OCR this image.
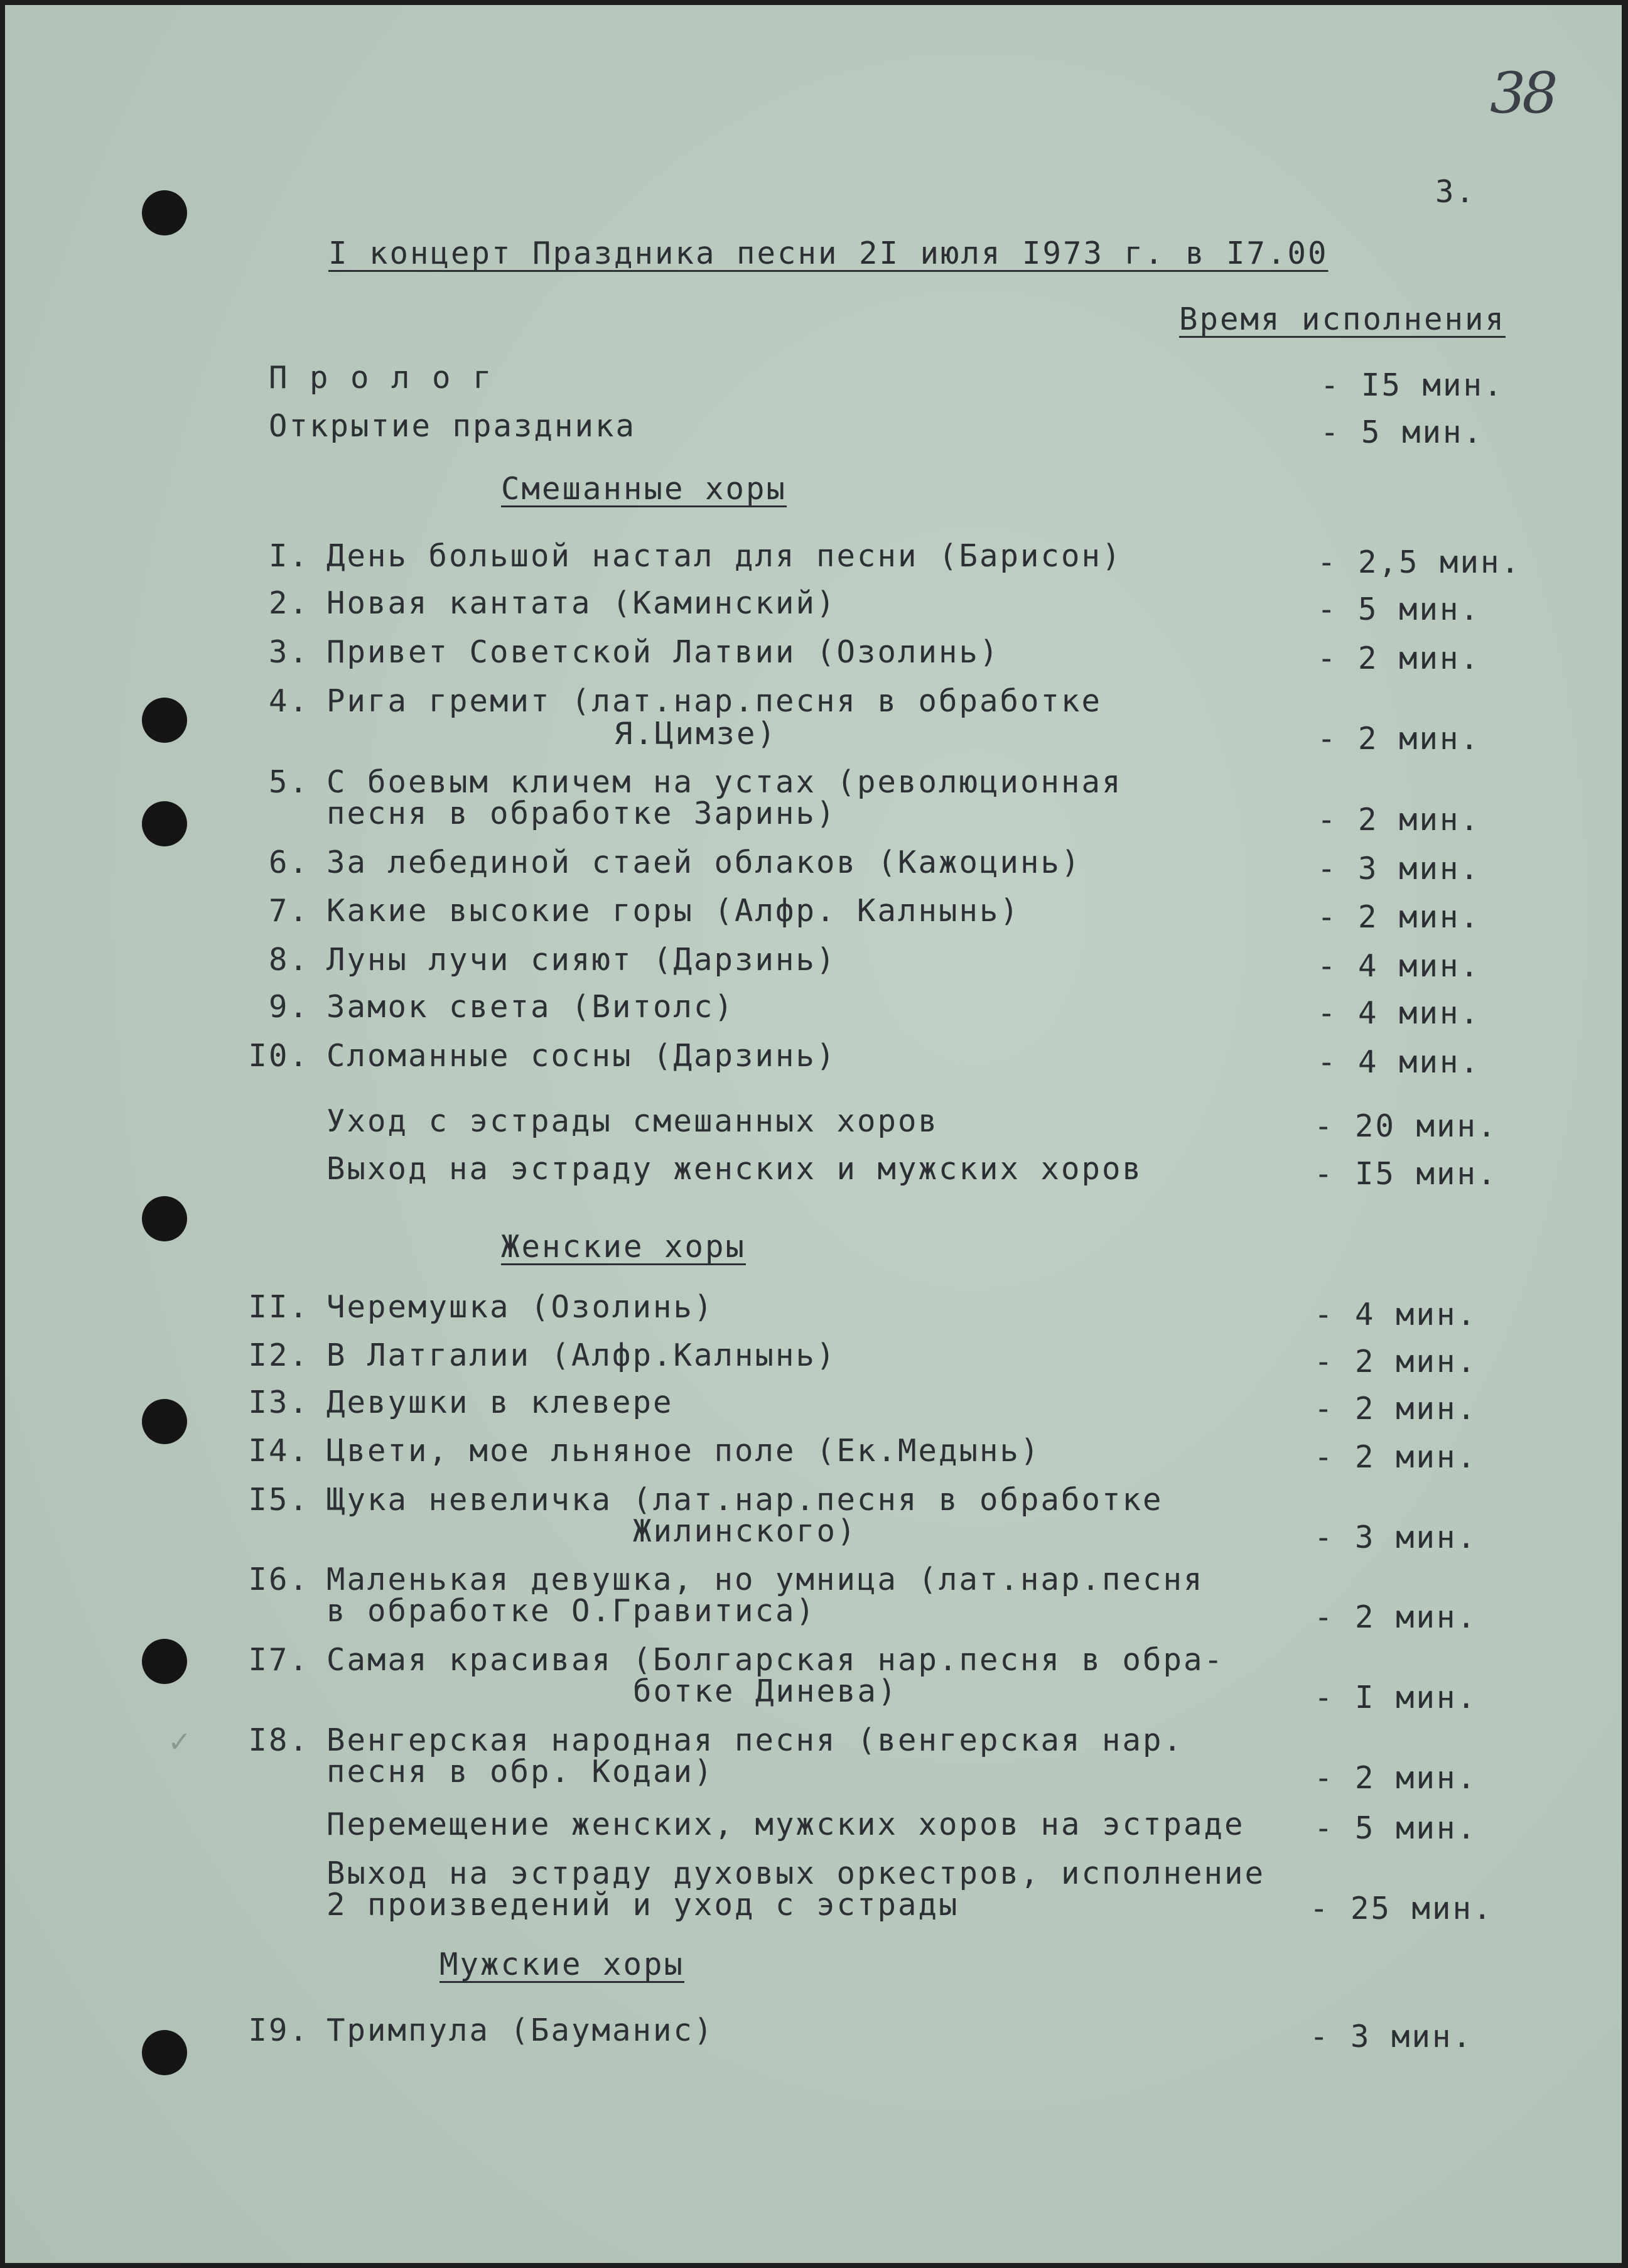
38
3.
I концерт Праздника песни 2I июля I973 г. в I7.00
Время исполнения
П р о л о г	- I5 мин.
Открытие праздника	- 5 мин.
Смешанные хоры
I. День большой настал для песни (Барисон)	- 2,5 мин.
2. Новая кантата (Каминский)	- 5 мин.
3. Привет Советской Латвии (Озолинь)	- 2 мин.
4. Рига гремит (лат.нар.песня в обработке
Я.Цимзе)	- 2 мин.
5. С боевым кличем на устах (революционная
песня в обработке Заринь)	- 2 мин.
6. За лебединой стаей облаков (Кажоцинь)	- 3 мин.
7. Какие высокие горы (Алфр. Калнынь)	- 2 мин.
8. Луны лучи сияют (Дарзинь)	- 4 мин.
9. Замок света (Витолс)	- 4 мин.
I0. Сломанные сосны (Дарзинь)	- 4 мин.
Уход с эстрады смешанных хоров	- 20 мин.
Выход на эстраду женских и мужских хоров	- I5 мин.
Женские хоры
II. Черемушка (Озолинь)	- 4 мин.
I2. В Латгалии (Алфр.Калнынь)	- 2 мин.
I3. Девушки в клевере	- 2 мин.
I4. Цвети, мое льняное поле (Ек.Медынь)	- 2 мин.
I5. Щука невеличка (лат.нар.песня в обработке
Жилинского)	- 3 мин.
I6. Маленькая девушка, но умница (лат.нар.песня
в обработке О.Гравитиса)	- 2 мин.
I7. Самая красивая (Болгарская нар.песня в обра-
ботке Динева)	- I мин.
✓	I8. Венгерская народная песня (венгерская нар.
песня в обр. Кодаи)	- 2 мин.
Перемещение женских, мужских хоров на эстраде - 5 мин.
Выход на эстраду духовых оркестров, исполнение
2 произведений и уход с эстрады	- 25 мин.
Мужские хоры
I9. Тримпула (Бауманис)	- 3 мин.
